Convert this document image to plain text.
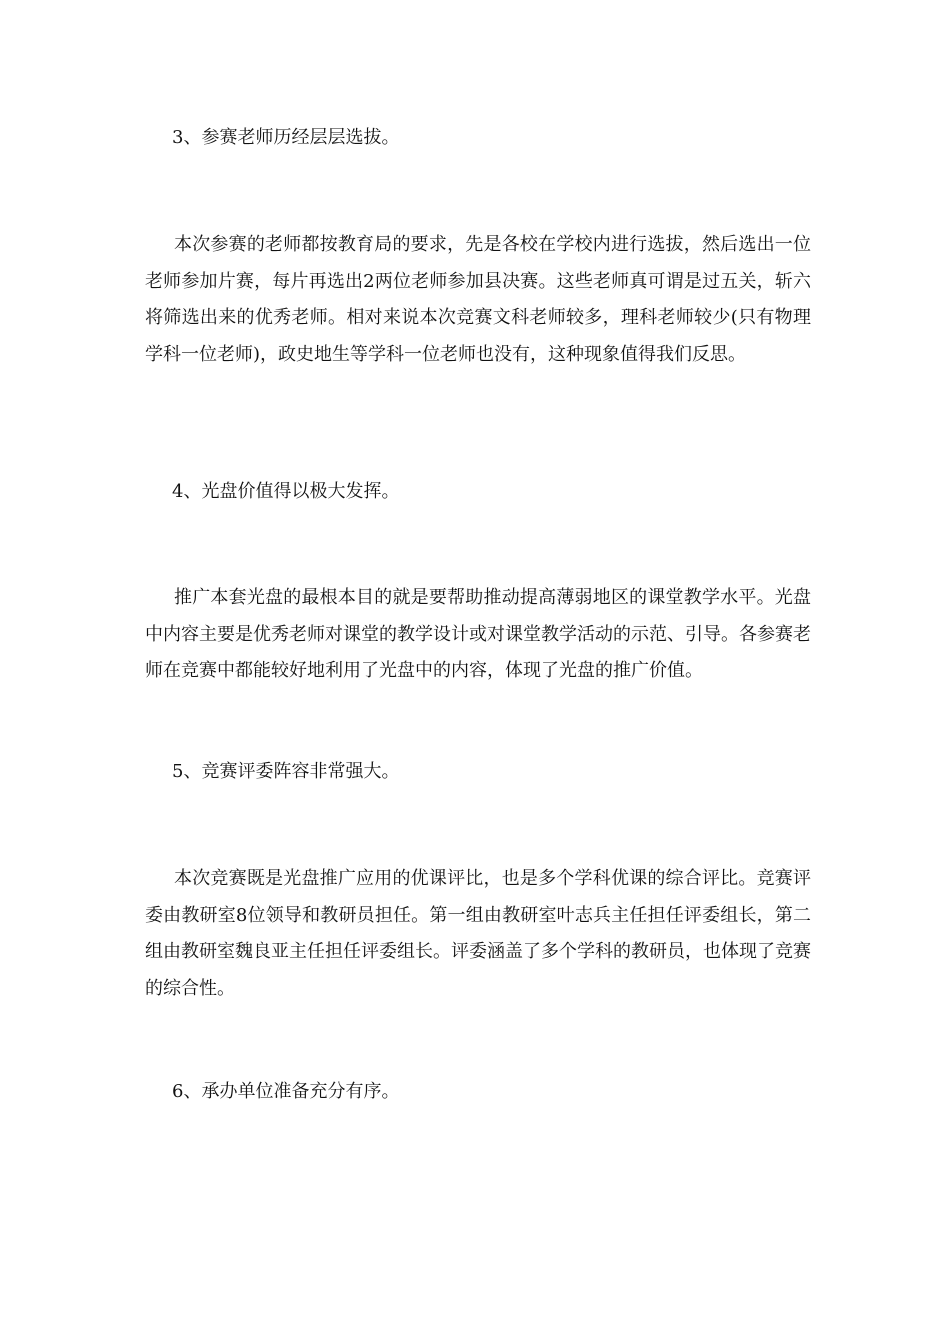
3、参赛老师历经层层选拔。

本次参赛的老师都按教育局的要求，先是各校在学校内进行选拔，然后选出一位老师参加片赛，每片再选出2两位老师参加县决赛。这些老师真可谓是过五关，斩六将筛选出来的优秀老师。相对来说本次竞赛文科老师较多，理科老师较少(只有物理学科一位老师)，政史地生等学科一位老师也没有，这种现象值得我们反思。

4、光盘价值得以极大发挥。

推广本套光盘的最根本目的就是要帮助推动提高薄弱地区的课堂教学水平。光盘中内容主要是优秀老师对课堂的教学设计或对课堂教学活动的示范、引导。各参赛老师在竞赛中都能较好地利用了光盘中的内容，体现了光盘的推广价值。

5、竞赛评委阵容非常强大。

本次竞赛既是光盘推广应用的优课评比，也是多个学科优课的综合评比。竞赛评委由教研室8位领导和教研员担任。第一组由教研室叶志兵主任担任评委组长，第二组由教研室魏良亚主任担任评委组长。评委涵盖了多个学科的教研员，也体现了竞赛的综合性。

6、承办单位准备充分有序。
